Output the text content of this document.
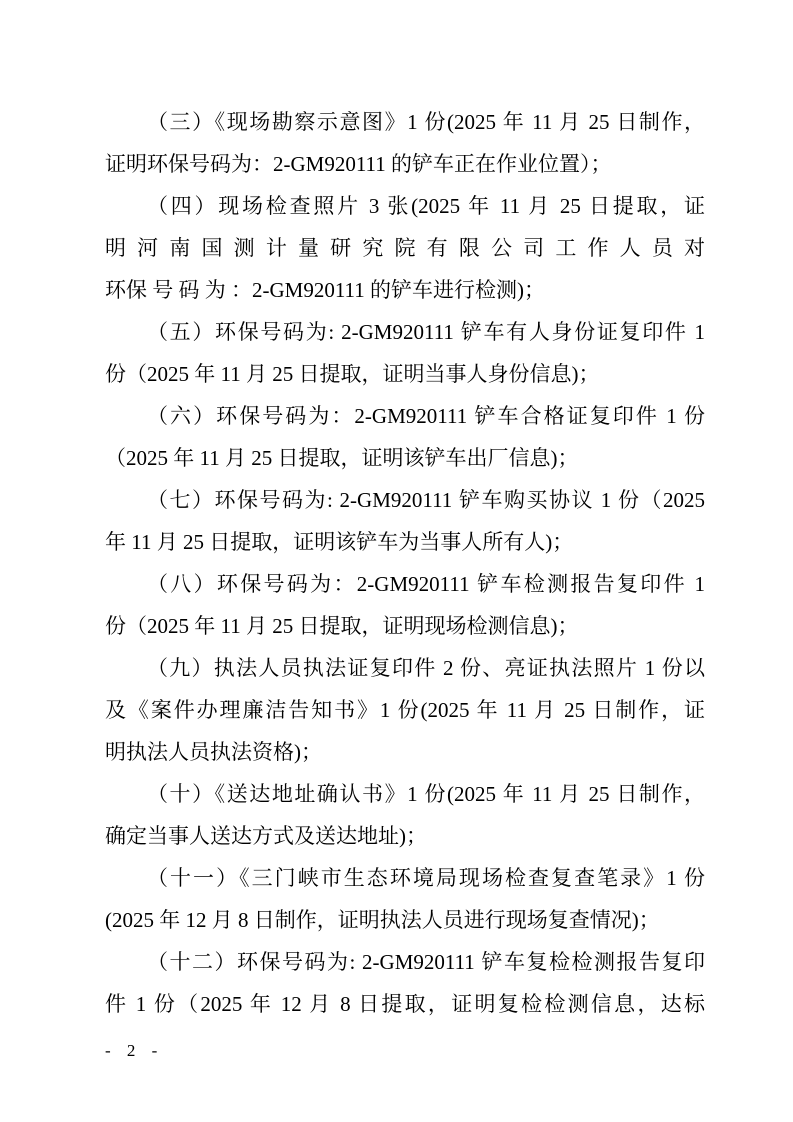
（三）《现场勘察示意图》1 份(2025 年 11 月 25 日制作，
证明环保号码为：2-GM920111 的铲车正在作业位置）；
（四）现场检查照片 3 张(2025 年 11 月 25 日提取，证
明河南国测计量研究院有限公司工作人员对
环保 号 码 为 ：2-GM920111 的铲车进行检测)；
（五）环保号码为: 2-GM920111 铲车有人身份证复印件 1
份（2025 年 11 月 25 日提取，证明当事人身份信息)；
（六）环保号码为：2-GM920111 铲车合格证复印件 1 份
（2025 年 11 月 25 日提取，证明该铲车出厂信息)；
（七）环保号码为: 2-GM920111 铲车购买协议 1 份（2025
年 11 月 25 日提取，证明该铲车为当事人所有人)；
（八）环保号码为：2-GM920111 铲车检测报告复印件 1
份（2025 年 11 月 25 日提取，证明现场检测信息)；
（九）执法人员执法证复印件 2 份、亮证执法照片 1 份以
及《案件办理廉洁告知书》1 份(2025 年 11 月 25 日制作，证
明执法人员执法资格)；
（十）《送达地址确认书》1 份(2025 年 11 月 25 日制作，
确定当事人送达方式及送达地址)；
（十一）《三门峡市生态环境局现场检查复查笔录》1 份
(2025 年 12 月 8 日制作，证明执法人员进行现场复查情况)；
（十二）环保号码为: 2-GM920111 铲车复检检测报告复印
件 1 份（2025 年 12 月 8 日提取，证明复检检测信息，达标
- 2 -
